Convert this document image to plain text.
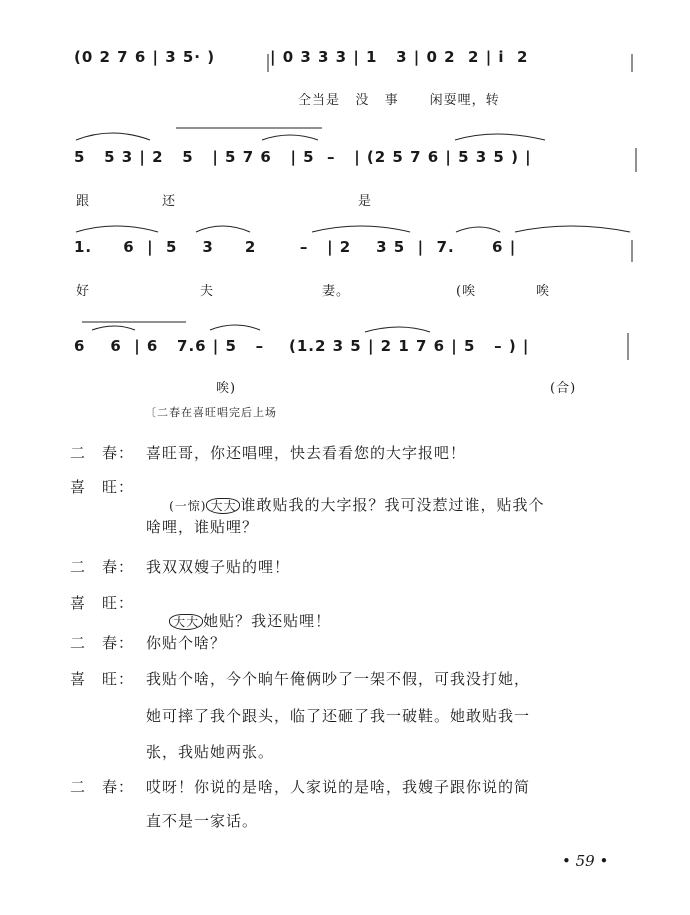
(0 2 7 6 | 3 5· )	| 0 3 3 3 | 1   3 | 0 2  2 | i  2
仝当是   没   事      闲耍哩，转
5   5 3 | 2   5   | 5 7 6   | 5  –   | (2 5 7 6 | 5 3 5 ) |
跟	还	是
1.     6  |  5    3     2       –   | 2    3 5  |  7.      6 |
好	夫	妻。	(唉	唉
6    6  | 6   7.6 | 5   –    (1.2 3 5 | 2 1 7 6 | 5   – ) |
唉)	(合)
〔二春在喜旺唱完后上场
二　春： 喜旺哥，你还唱哩，快去看看您的大字报吧！
喜　旺：

(一惊) 大大 谁敢贴我的大字报？我可没惹过谁，贴我个

啥哩，谁贴哩？
二　春： 我双双嫂子贴的哩！
喜　旺：

大大 她贴？我还贴哩！

二　春： 你贴个啥？
喜　旺： 我贴个啥，今个晌午俺俩吵了一架不假，可我没打她，
她可摔了我个跟头，临了还砸了我一破鞋。她敢贴我一
张，我贴她两张。
二　春： 哎呀！你说的是啥，人家说的是啥，我嫂子跟你说的简
直不是一家话。
• 59 •
